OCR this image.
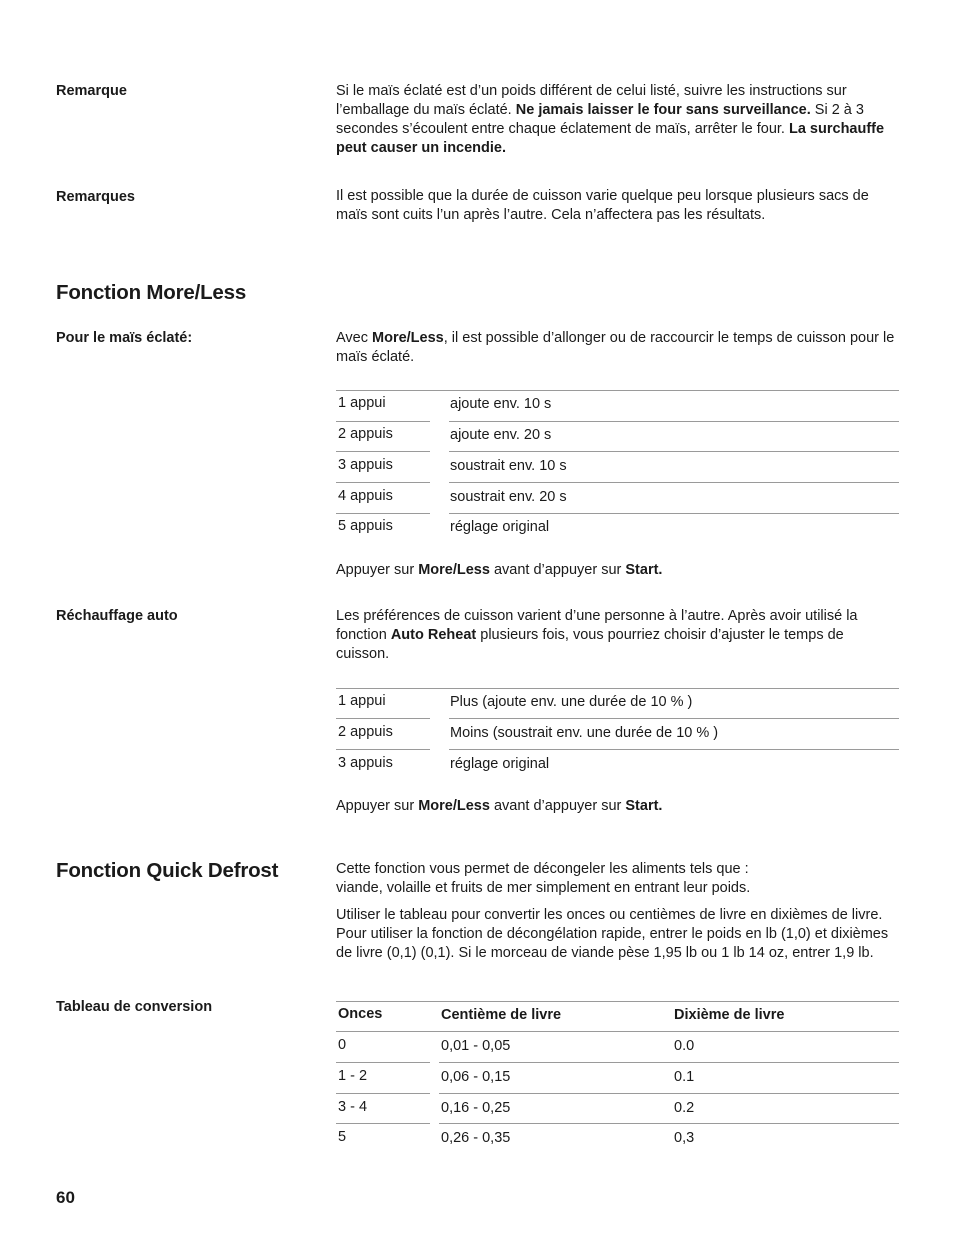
Remarque	Si le maïs éclaté est d’un poids différent de celui listé, suivre les instructions sur l’emballage du maïs éclaté. Ne jamais laisser le four sans surveillance. Si 2 à 3 secondes s’écoulent entre chaque éclatement de maïs, arrêter le four. La surchauffe peut causer un incendie.
Remarques	Il est possible que la durée de cuisson varie quelque peu lorsque plusieurs sacs de maïs sont cuits l’un après l’autre. Cela n’affectera pas les résultats.
Fonction More/Less
Pour le maïs éclaté:	Avec More/Less, il est possible d’allonger ou de raccourcir le temps de cuisson pour le maïs éclaté.
1 appui	ajoute env. 10 s
2 appuis	ajoute env. 20 s
3 appuis	soustrait env. 10 s
4 appuis	soustrait env. 20 s
5 appuis	réglage original
Appuyer sur More/Less avant d’appuyer sur Start.
Réchauffage auto	Les préférences de cuisson varient d’une personne à l’autre. Après avoir utilisé la fonction Auto Reheat plusieurs fois, vous pourriez choisir d’ajuster le temps de cuisson.
1 appui	Plus (ajoute env. une durée de 10 % )
2 appuis	Moins (soustrait env. une durée de 10 % )
3 appuis	réglage original
Appuyer sur More/Less avant d’appuyer sur Start.
Fonction Quick Defrost	Cette fonction vous permet de décongeler les aliments tels que : viande, volaille et fruits de mer simplement en entrant leur poids.
Utiliser le tableau pour convertir les onces ou centièmes de livre en dixièmes de livre. Pour utiliser la fonction de décongélation rapide, entrer le poids en lb (1,0) et dixièmes de livre (0,1) (0,1). Si le morceau de viande pèse 1,95 lb ou 1 lb 14 oz, entrer 1,9 lb.
Tableau de conversion	Onces	Centième de livre	Dixième de livre
0	0,01 - 0,05	0.0
1 - 2	0,06 - 0,15	0.1
3 - 4	0,16 - 0,25	0.2
5	0,26 - 0,35	0,3
60
